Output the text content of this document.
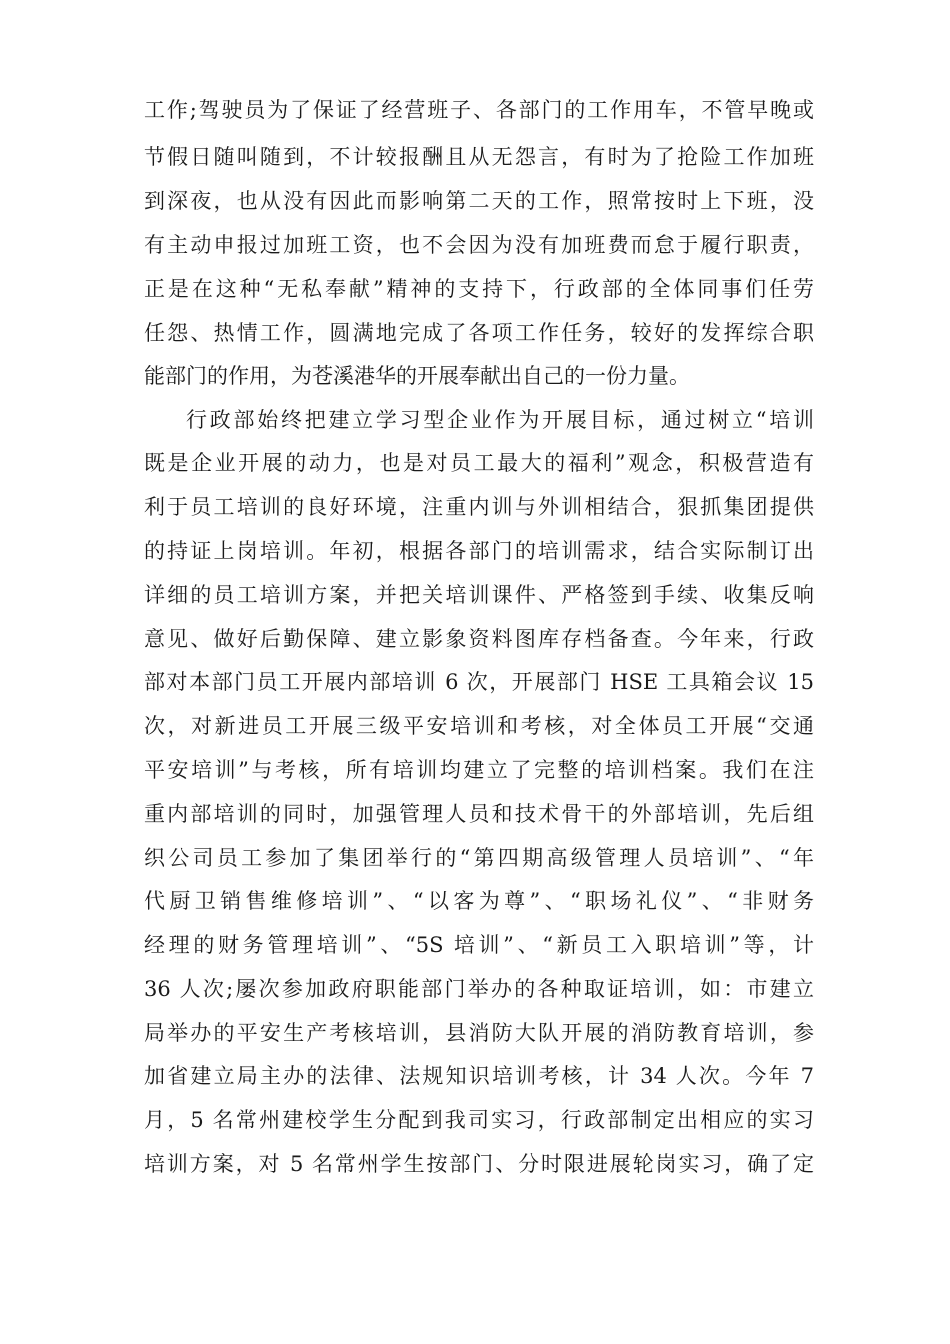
工作;驾驶员为了保证了经营班子、各部门的工作用车，不管早晚或
节假日随叫随到，不计较报酬且从无怨言，有时为了抢险工作加班
到深夜，也从没有因此而影响第二天的工作，照常按时上下班，没
有主动申报过加班工资，也不会因为没有加班费而怠于履行职责，
正是在这种“无私奉献”精神的支持下，行政部的全体同事们任劳
任怨、热情工作，圆满地完成了各项工作任务，较好的发挥综合职
能部门的作用，为苍溪港华的开展奉献出自己的一份力量。
行政部始终把建立学习型企业作为开展目标，通过树立“培训
既是企业开展的动力，也是对员工最大的福利”观念，积极营造有
利于员工培训的良好环境，注重内训与外训相结合，狠抓集团提供
的持证上岗培训。年初，根据各部门的培训需求，结合实际制订出
详细的员工培训方案，并把关培训课件、严格签到手续、收集反响
意见、做好后勤保障、建立影象资料图库存档备查。今年来，行政
部对本部门员工开展内部培训 6 次，开展部门 HSE 工具箱会议 15
次，对新进员工开展三级平安培训和考核，对全体员工开展“交通
平安培训”与考核，所有培训均建立了完整的培训档案。我们在注
重内部培训的同时，加强管理人员和技术骨干的外部培训，先后组
织公司员工参加了集团举行的“第四期高级管理人员培训”、“年
代厨卫销售维修培训”、“以客为尊”、“职场礼仪”、“非财务
经理的财务管理培训”、“5S 培训”、“新员工入职培训”等，计
36 人次;屡次参加政府职能部门举办的各种取证培训，如：市建立
局举办的平安生产考核培训，县消防大队开展的消防教育培训，参
加省建立局主办的法律、法规知识培训考核，计 34 人次。今年 7
月，5 名常州建校学生分配到我司实习，行政部制定出相应的实习
培训方案，对 5 名常州学生按部门、分时限进展轮岗实习，确了定
